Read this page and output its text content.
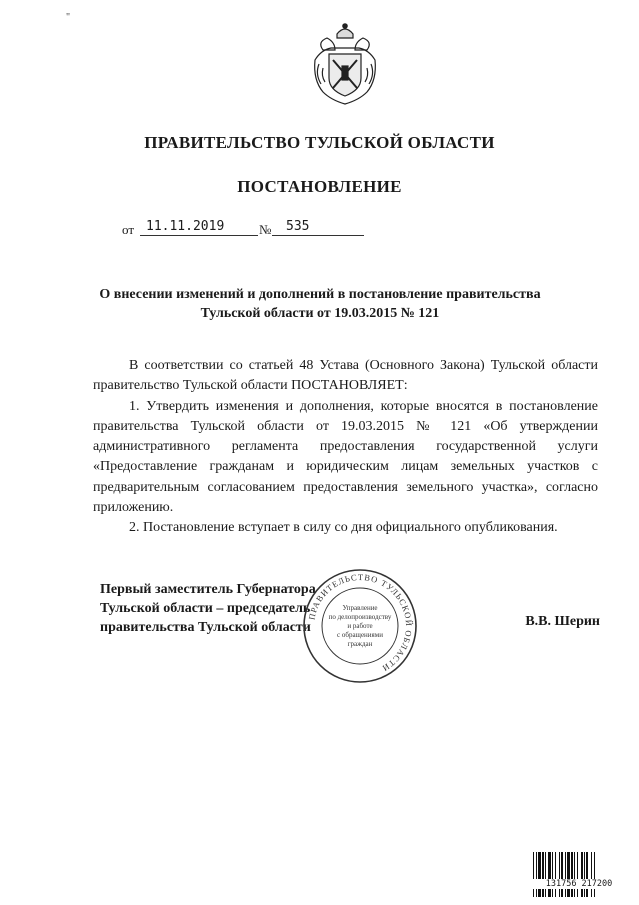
"
ПРАВИТЕЛЬСТВО ТУЛЬСКОЙ ОБЛАСТИ
ПОСТАНОВЛЕНИЕ
от 11.11.2019	№ 535
О внесении изменений и дополнений в постановление правительства
Тульской области от 19.03.2015 № 121

В соответствии со статьей 48 Устава (Основного Закона) Тульской области правительство Тульской области ПОСТАНОВЛЯЕТ:

1. Утвердить изменения и дополнения, которые вносятся в постановление правительства Тульской области от 19.03.2015 № 121 «Об утверждении административного регламента предоставления государственной услуги «Предоставление гражданам и юридическим лицам земельных участков с предварительным согласованием предоставления земельного участка», согласно приложению.

2. Постановление вступает в силу со дня официального опубликования.

Первый заместитель Губернатора
Тульской области – председатель
правительства Тульской области	В.В. Шерин
ПРАВИТЕЛЬСТВО ТУЛЬСКОЙ ОБЛАСТИ
Управление
по делопроизводству
и работе
с обращениями
граждан
131756 217200
